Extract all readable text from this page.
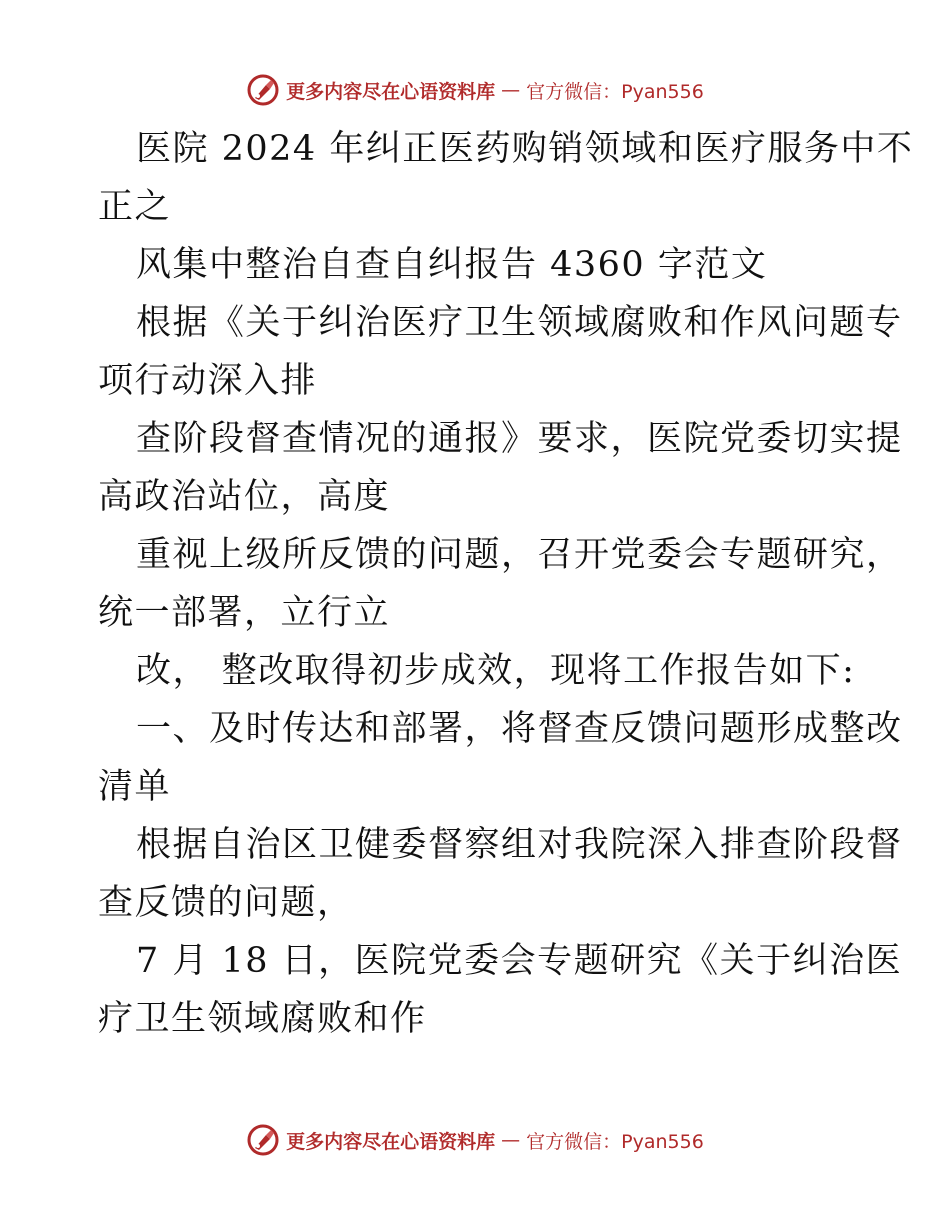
更多内容尽在心语资料库 — 官方微信：Pyan556
医院 2024 年纠正医药购销领域和医疗服务中不
正之
风集中整治自查自纠报告 4360 字范文
根据《关于纠治医疗卫生领域腐败和作风问题专
项行动深入排
查阶段督查情况的通报》要求，医院党委切实提
高政治站位，高度
重视上级所反馈的问题，召开党委会专题研究，
统一部署，立行立
改， 整改取得初步成效，现将工作报告如下:
一、及时传达和部署，将督查反馈问题形成整改
清单
根据自治区卫健委督察组对我院深入排查阶段督
查反馈的问题，
7 月 18 日，医院党委会专题研究《关于纠治医
疗卫生领域腐败和作
更多内容尽在心语资料库 — 官方微信：Pyan556
